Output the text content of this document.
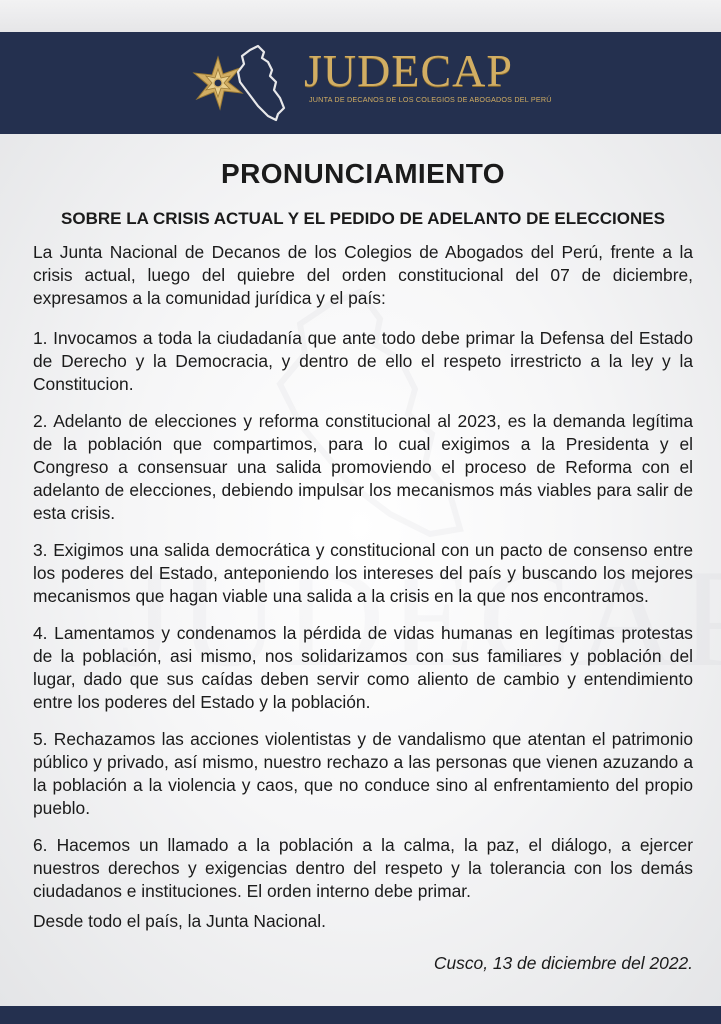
JUDECAP
JUNTA DE DECANOS DE LOS COLEGIOS DE ABOGADOS DEL PERÚ
PRONUNCIAMIENTO
SOBRE LA CRISIS ACTUAL Y EL PEDIDO DE ADELANTO DE ELECCIONES

La Junta Nacional de Decanos de los Colegios de Abogados del Perú, frente a la crisis actual, luego del quiebre del orden constitucional del 07 de diciembre, expresamos a la comunidad jurídica y el país:

1. Invocamos a toda la ciudadanía que ante todo debe primar la Defensa del Estado de Derecho y la Democracia, y dentro de ello el respeto irrestricto a la ley y la Constitucion.

2. Adelanto de elecciones y reforma constitucional al 2023, es la demanda legítima de la población que compartimos, para lo cual exigimos a la Presidenta y el Congreso a consensuar una salida promoviendo el proceso de Reforma con el adelanto de elecciones, debiendo impulsar los mecanismos más viables para salir de esta crisis.

3. Exigimos una salida democrática y constitucional con un pacto de consenso entre los poderes del Estado, anteponiendo los intereses del país y buscando los mejores mecanismos que hagan viable una salida a la crisis en la que nos encontramos.

4. Lamentamos y condenamos la pérdida de vidas humanas en legítimas protestas de la población, asi mismo, nos solidarizamos con sus familiares y población del lugar, dado que sus caídas deben servir como aliento de cambio y entendimiento entre los poderes del Estado y la población.

5. Rechazamos las acciones violentistas y de vandalismo que atentan el patrimonio público y privado, así mismo, nuestro rechazo a las personas que vienen azuzando a la población a la violencia y caos, que no conduce sino al enfrentamiento del propio pueblo.

6. Hacemos un llamado a la población a la calma, la paz, el diálogo, a ejercer nuestros derechos y exigencias dentro del respeto y la tolerancia con los demás ciudadanos e instituciones. El orden interno debe primar.

Desde todo el país, la Junta Nacional.
Cusco, 13 de diciembre del 2022.
